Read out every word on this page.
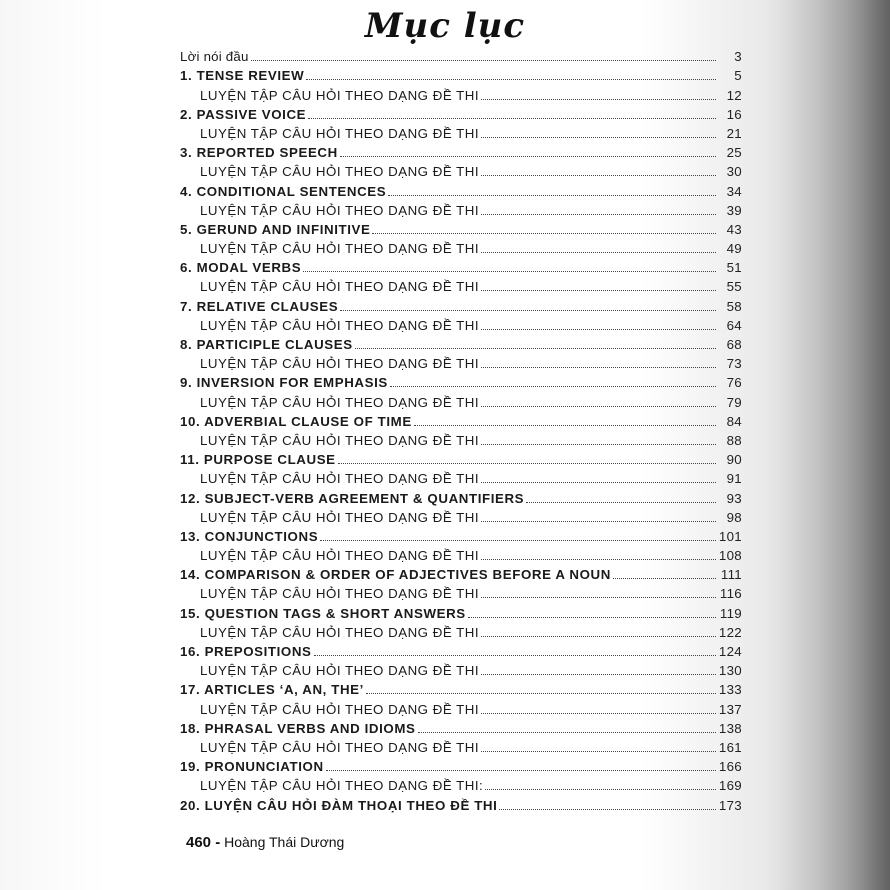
Mục lục
Lời nói đầu	3
1. TENSE REVIEW	5
LUYỆN TẬP CÂU HỎI THEO DẠNG ĐỀ THI	12
2. PASSIVE VOICE	16
LUYỆN TẬP CÂU HỎI THEO DẠNG ĐỀ THI	21
3. REPORTED SPEECH	25
LUYỆN TẬP CÂU HỎI THEO DẠNG ĐỀ THI	30
4. CONDITIONAL SENTENCES	34
LUYỆN TẬP CÂU HỎI THEO DẠNG ĐỀ THI	39
5. GERUND AND INFINITIVE	43
LUYỆN TẬP CÂU HỎI THEO DẠNG ĐỀ THI	49
6. MODAL VERBS	51
LUYỆN TẬP CÂU HỎI THEO DẠNG ĐỀ THI	55
7. RELATIVE CLAUSES	58
LUYỆN TẬP CÂU HỎI THEO DẠNG ĐỀ THI	64
8. PARTICIPLE CLAUSES	68
LUYỆN TẬP CÂU HỎI THEO DẠNG ĐỀ THI	73
9. INVERSION FOR EMPHASIS	76
LUYỆN TẬP CÂU HỎI THEO DẠNG ĐỀ THI	79
10. ADVERBIAL CLAUSE OF TIME	84
LUYỆN TẬP CÂU HỎI THEO DẠNG ĐỀ THI	88
11. PURPOSE CLAUSE	90
LUYỆN TẬP CÂU HỎI THEO DẠNG ĐỀ THI	91
12. SUBJECT-VERB AGREEMENT & QUANTIFIERS	93
LUYỆN TẬP CÂU HỎI THEO DẠNG ĐỀ THI	98
13. CONJUNCTIONS	101
LUYỆN TẬP CÂU HỎI THEO DẠNG ĐỀ THI	108
14. COMPARISON & ORDER OF ADJECTIVES BEFORE A NOUN	111
LUYỆN TẬP CÂU HỎI THEO DẠNG ĐỀ THI	116
15. QUESTION TAGS & SHORT ANSWERS	119
LUYỆN TẬP CÂU HỎI THEO DẠNG ĐỀ THI	122
16. PREPOSITIONS	124
LUYỆN TẬP CÂU HỎI THEO DẠNG ĐỀ THI	130
17. ARTICLES ‘A, AN, THE’	133
LUYỆN TẬP CÂU HỎI THEO DẠNG ĐỀ THI	137
18. PHRASAL VERBS AND IDIOMS	138
LUYỆN TẬP CÂU HỎI THEO DẠNG ĐỀ THI	161
19. PRONUNCIATION	166
LUYỆN TẬP CÂU HỎI THEO DẠNG ĐỀ THI:	169
20. LUYỆN CÂU HỎI ĐÀM THOẠI THEO ĐỀ THI	173
460 - Hoàng Thái Dương
